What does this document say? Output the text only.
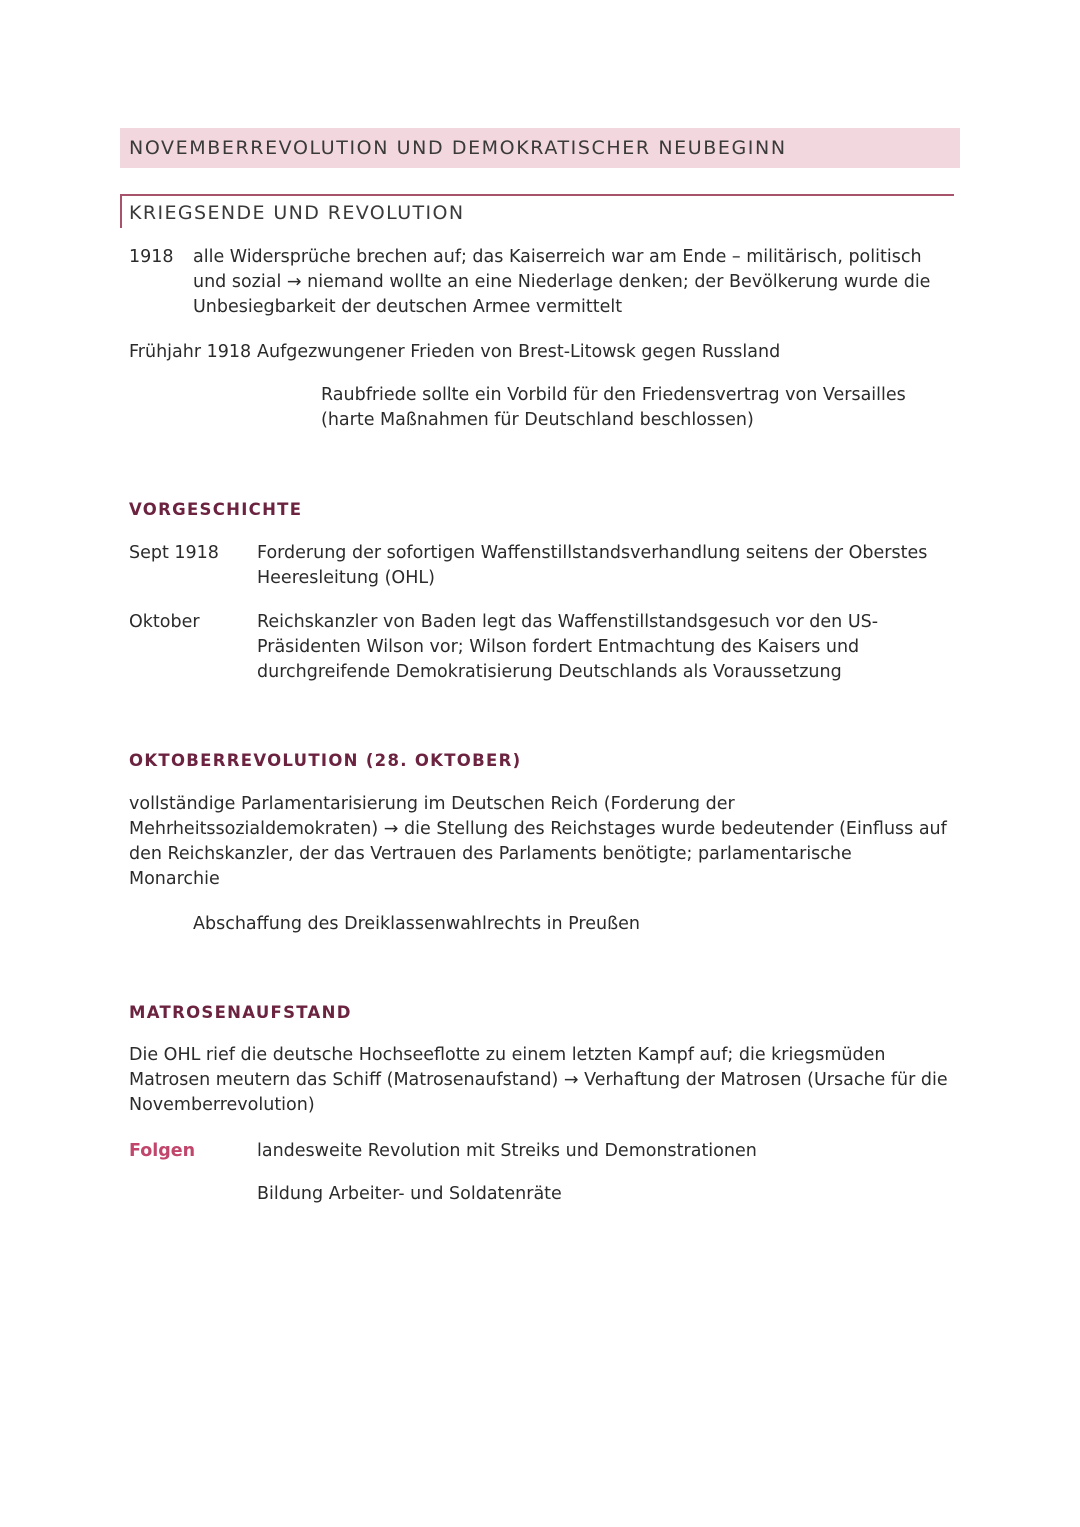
NOVEMBERREVOLUTION UND DEMOKRATISCHER NEUBEGINN
KRIEGSENDE UND REVOLUTION
1918 alle Widersprüche brechen auf; das Kaiserreich war am Ende – militärisch, politisch
und sozial → niemand wollte an eine Niederlage denken; der Bevölkerung wurde die
Unbesiegbarkeit der deutschen Armee vermittelt
Frühjahr 1918 Aufgezwungener Frieden von Brest-Litowsk gegen Russland
Raubfriede sollte ein Vorbild für den Friedensvertrag von Versailles
(harte Maßnahmen für Deutschland beschlossen)
VORGESCHICHTE
Sept 1918 Forderung der sofortigen Waffenstillstandsverhandlung seitens der Oberstes
Heeresleitung (OHL)
Oktober	Reichskanzler von Baden legt das Waffenstillstandsgesuch vor den US-
Präsidenten Wilson vor; Wilson fordert Entmachtung des Kaisers und
durchgreifende Demokratisierung Deutschlands als Voraussetzung
OKTOBERREVOLUTION (28. OKTOBER)
vollständige Parlamentarisierung im Deutschen Reich (Forderung der
Mehrheitssozialdemokraten) → die Stellung des Reichstages wurde bedeutender (Einfluss auf
den Reichskanzler, der das Vertrauen des Parlaments benötigte; parlamentarische
Monarchie
Abschaffung des Dreiklassenwahlrechts in Preußen
MATROSENAUFSTAND
Die OHL rief die deutsche Hochseeflotte zu einem letzten Kampf auf; die kriegsmüden
Matrosen meutern das Schiff (Matrosenaufstand) → Verhaftung der Matrosen (Ursache für die
Novemberrevolution)
Folgen	landesweite Revolution mit Streiks und Demonstrationen
Bildung Arbeiter- und Soldatenräte
